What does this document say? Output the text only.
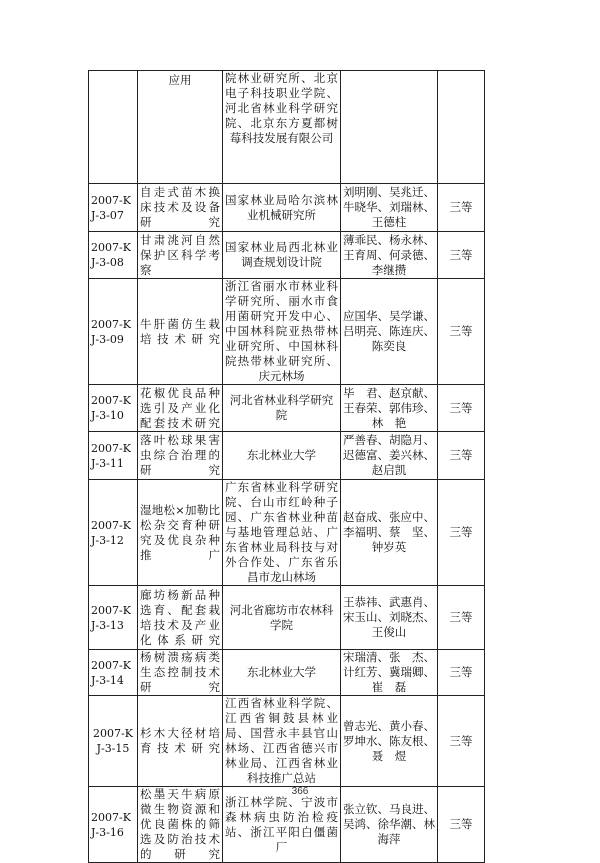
	应用	院林业研究所、北京电子科技职业学院、河北省林业科学研究院、北京东方夏都树莓科技发展有限公司		
2007-KJ-3-07	自走式苗木换床技术及设备研究	国家林业局哈尔滨林业机械研究所	刘明刚、吴兆迁、牛晓华、刘瑞林、王德柱	三等
2007-KJ-3-08	甘肃洮河自然保护区科学考察	国家林业局西北林业调查规划设计院	薄乖民、杨永林、王育周、何录德、李继攒	三等
2007-KJ-3-09	牛肝菌仿生栽培技术研究	浙江省丽水市林业科学研究所、丽水市食用菌研究开发中心、中国林科院亚热带林业研究所、中国林科院热带林业研究所、庆元林场	应国华、吴学谦、吕明亮、陈连庆、陈奕良	三等
2007-KJ-3-10	花椒优良品种选引及产业化配套技术研究	河北省林业科学研究院	毕　君、赵京献、王春荣、郭伟珍、林　艳	三等
2007-KJ-3-11	落叶松球果害虫综合治理的研究	东北林业大学	严善春、胡隐月、迟德富、姜兴林、赵启凯	三等
2007-KJ-3-12	湿地松×加勒比松杂交育种研究及优良杂种推广	广东省林业科学研究院、台山市红岭种子园、广东省林业种苗与基地管理总站、广东省林业局科技与对外合作处、广东省乐昌市龙山林场	赵奋成、张应中、李福明、蔡　坚、钟岁英	三等
2007-KJ-3-13	廊坊杨新品种选育、配套栽培技术及产业化体系研究	河北省廊坊市农林科学院	王恭祎、武惠肖、宋玉山、刘晓杰、王俊山	三等
2007-KJ-3-14	杨树溃疡病类生态控制技术研究	东北林业大学	宋瑞清、张　杰、计红芳、冀瑞卿、崔　磊	三等
2007-KJ-3-15	杉木大径材培育技术研究	江西省林业科学院、江西省铜鼓县林业局、国营永丰县官山林场、江西省德兴市林业局、江西省林业科技推广总站	曾志光、黄小春、罗坤水、陈友根、聂　煜	三等
2007-KJ-3-16	松墨天牛病原微生物资源和优良菌株的筛选及防治技术的研究	浙江林学院、宁波市森林病虫防治检疫站、浙江平阳白僵菌厂	张立钦、马良进、吴鸿、徐华潮、林海萍	三等
366
